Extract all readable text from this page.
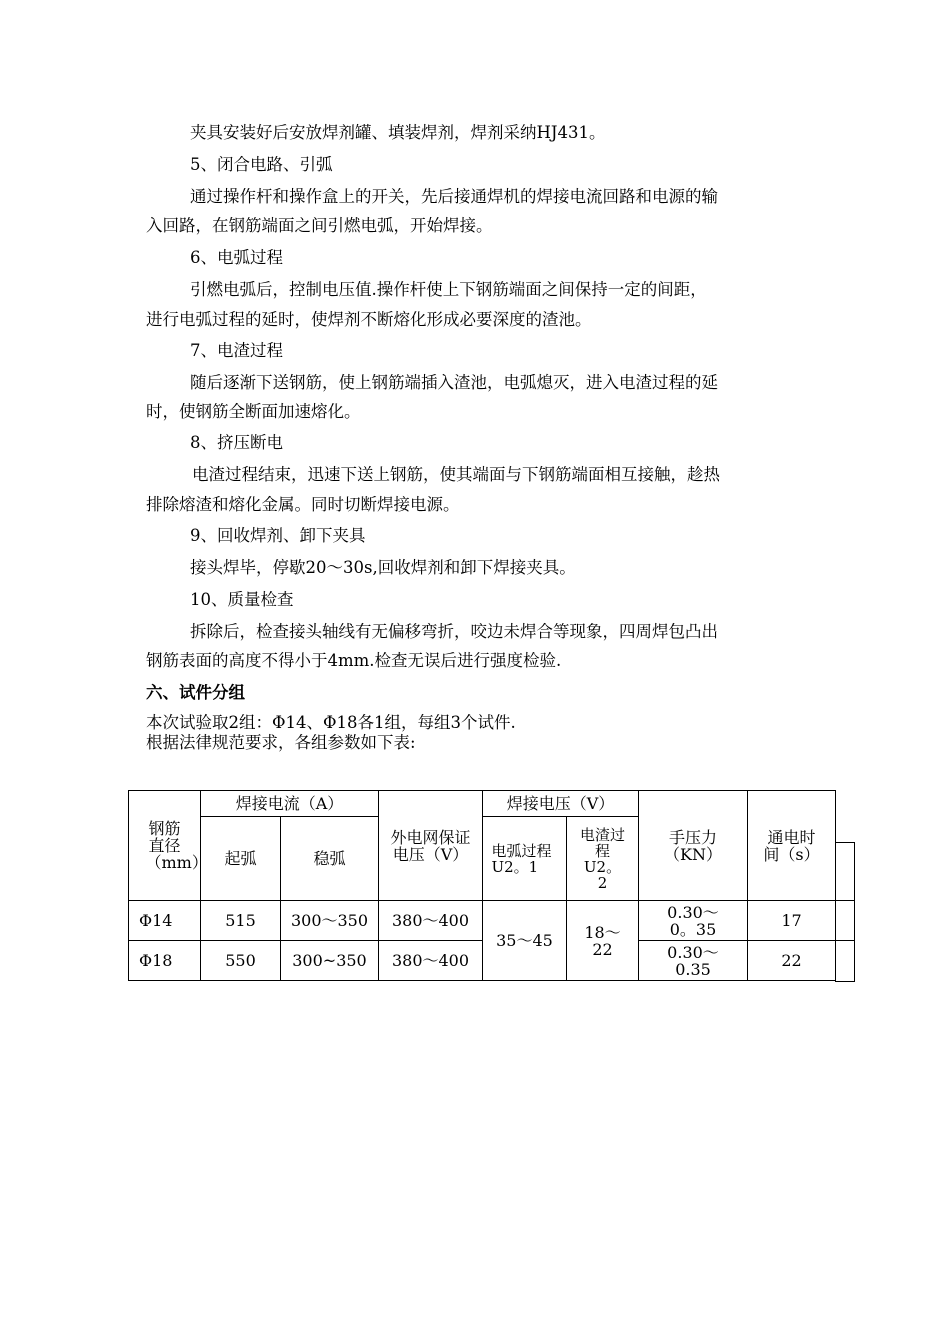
夹具安装好后安放焊剂罐、填装焊剂，焊剂采纳HJ431。
5、闭合电路、引弧
通过操作杆和操作盒上的开关，先后接通焊机的焊接电流回路和电源的输
入回路，在钢筋端面之间引燃电弧，开始焊接。
6、电弧过程
引燃电弧后，控制电压值.操作杆使上下钢筋端面之间保持一定的间距，
进行电弧过程的延时，使焊剂不断熔化形成必要深度的渣池。
7、电渣过程
随后逐渐下送钢筋，使上钢筋端插入渣池，电弧熄灭，进入电渣过程的延
时，使钢筋全断面加速熔化。
8、挤压断电
电渣过程结束，迅速下送上钢筋，使其端面与下钢筋端面相互接触，趁热
排除熔渣和熔化金属。同时切断焊接电源。
9、回收焊剂、卸下夹具
接头焊毕，停歇20～30s,回收焊剂和卸下焊接夹具。
10、质量检查
拆除后，检查接头轴线有无偏移弯折，咬边未焊合等现象，四周焊包凸出
钢筋表面的高度不得小于4mm.检查无误后进行强度检验.
六、试件分组
本次试验取2组：Φ14、Φ18各1组，每组3个试件.
根据法律规范要求，各组参数如下表:
钢筋直径（mm）	焊接电流（A）		外电网保证电压（V）	焊接电压（V）		手压力（KN）	通电时间（s）

	起弧	稳弧		电弧过程U2。1	电渣过程U2。2		

Φ14	515	300～350	380～400	35～45	18～22	0.30～0。35	17
Φ18	550	300~350	380～400			0.30～0.35	22
